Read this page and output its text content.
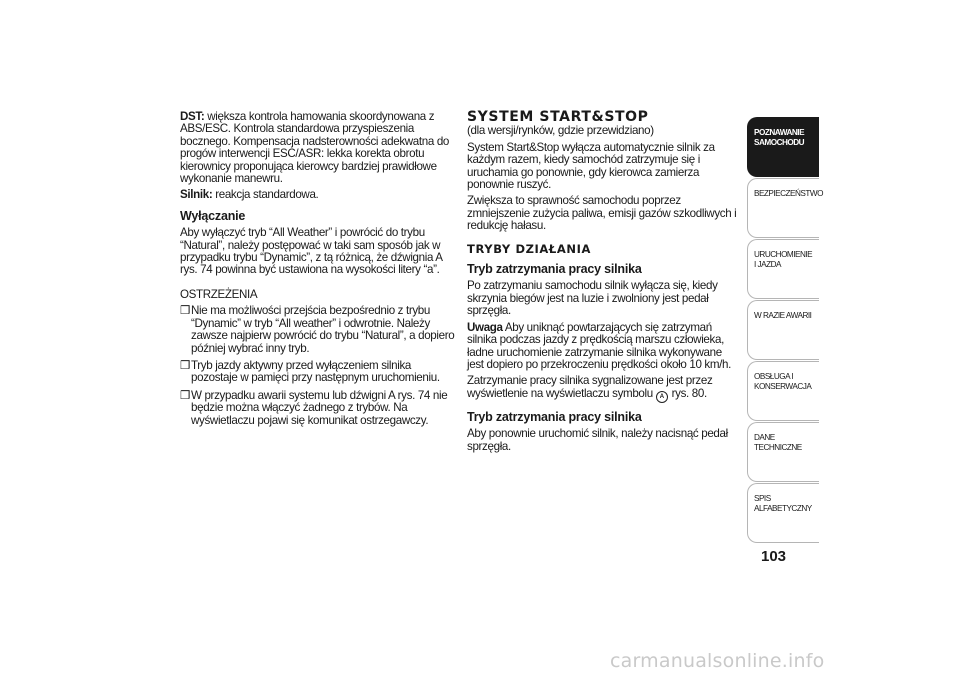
DST: większa kontrola hamowania skoordynowana z ABS/ESC. Kontrola standardowa przyspieszenia bocznego. Kompensacja nadsterowności adekwatna do progów interwencji ESC/ASR: lekka korekta obrotu kierownicy proponująca kierowcy bardziej prawidłowe wykonanie manewru.

Silnik: reakcja standardowa.

Wyłączanie

Aby wyłączyć tryb “All Weather” i powrócić do trybu “Natural”, należy postępować w taki sam sposób jak w przypadku trybu “Dynamic”, z tą różnicą, że dźwignia A rys. 74 powinna być ustawiona na wysokości litery “a”.

OSTRZEŻENIA
❒ Nie ma możliwości przejścia bezpośrednio z trybu “Dynamic” w tryb “All weather” i odwrotnie. Należy zawsze najpierw powrócić do trybu “Natural”, a dopiero później wybrać inny tryb.
❒ Tryb jazdy aktywny przed wyłączeniem silnika pozostaje w pamięci przy następnym uruchomieniu.
❒ W przypadku awarii systemu lub dźwigni A rys. 74 nie będzie można włączyć żadnego z trybów. Na wyświetlaczu pojawi się komunikat ostrzegawczy.
SYSTEM START&STOP

(dla wersji/rynków, gdzie przewidziano)

System Start&Stop wyłącza automatycznie silnik za każdym razem, kiedy samochód zatrzymuje się i uruchamia go ponownie, gdy kierowca zamierza ponownie ruszyć.

Zwiększa to sprawność samochodu poprzez zmniejszenie zużycia paliwa, emisji gazów szkodliwych i redukcję hałasu.

TRYBY DZIAŁANIA
Tryb zatrzymania pracy silnika

Po zatrzymaniu samochodu silnik wyłącza się, kiedy skrzynia biegów jest na luzie i zwolniony jest pedał sprzęgła.

Uwaga Aby uniknąć powtarzających się zatrzymań silnika podczas jazdy z prędkością marszu człowieka, ładne uruchomienie zatrzymanie silnika wykonywane jest dopiero po przekroczeniu prędkości około 10 km/h.

Zatrzymanie pracy silnika sygnalizowane jest przez wyświetlenie na wyświetlaczu symbolu A rys. 80.

Tryb zatrzymania pracy silnika

Aby ponownie uruchomić silnik, należy nacisnąć pedał sprzęgła.

POZNAWANIE SAMOCHODU
BEZPIECZEŃSTWO
URUCHOMIENIE I JAZDA
W RAZIE AWARII
OBSŁUGA I KONSERWACJA
DANE TECHNICZNE
SPIS ALFABETYCZNY
103
carmanualsonline.info
